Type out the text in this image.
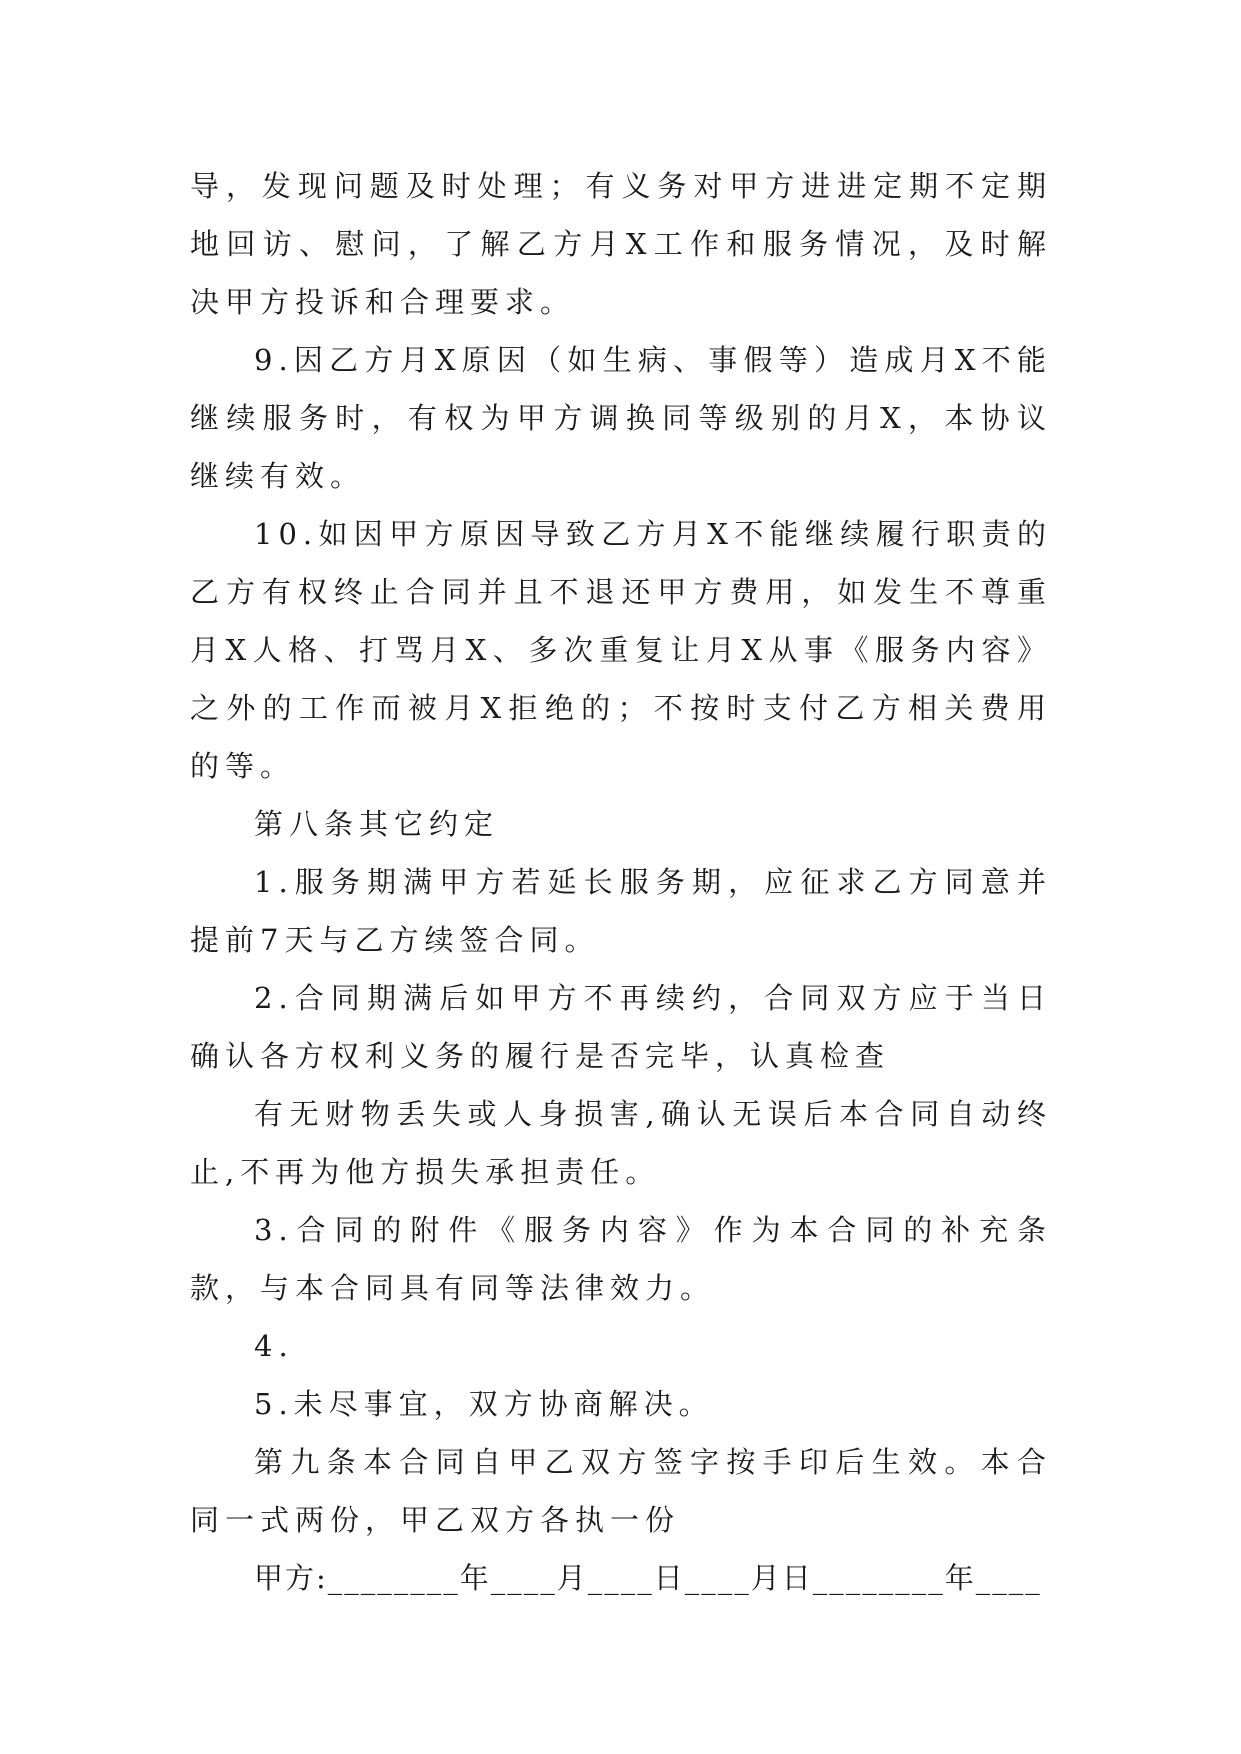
导，发现问题及时处理；有义务对甲方进进定期不定期地回访、慰问，了解乙方月X工作和服务情况，及时解决甲方投诉和合理要求。

9.因乙方月X原因（如生病、事假等）造成月X不能继续服务时，有权为甲方调换同等级别的月X，本协议继续有效。

10.如因甲方原因导致乙方月X不能继续履行职责的乙方有权终止合同并且不退还甲方费用，如发生不尊重月X人格、打骂月X、多次重复让月X从事《服务内容》之外的工作而被月X拒绝的；不按时支付乙方相关费用的等。

第八条其它约定

1.服务期满甲方若延长服务期，应征求乙方同意并提前7天与乙方续签合同。

2.合同期满后如甲方不再续约，合同双方应于当日确认各方权利义务的履行是否完毕，认真检查

有无财物丢失或人身损害,确认无误后本合同自动终止,不再为他方损失承担责任。

3.合同的附件《服务内容》作为本合同的补充条款，与本合同具有同等法律效力。

4.

5.未尽事宜，双方协商解决。

第九条本合同自甲乙双方签字按手印后生效。本合同一式两份，甲乙双方各执一份

甲方:________年____月____日____月日________年____
